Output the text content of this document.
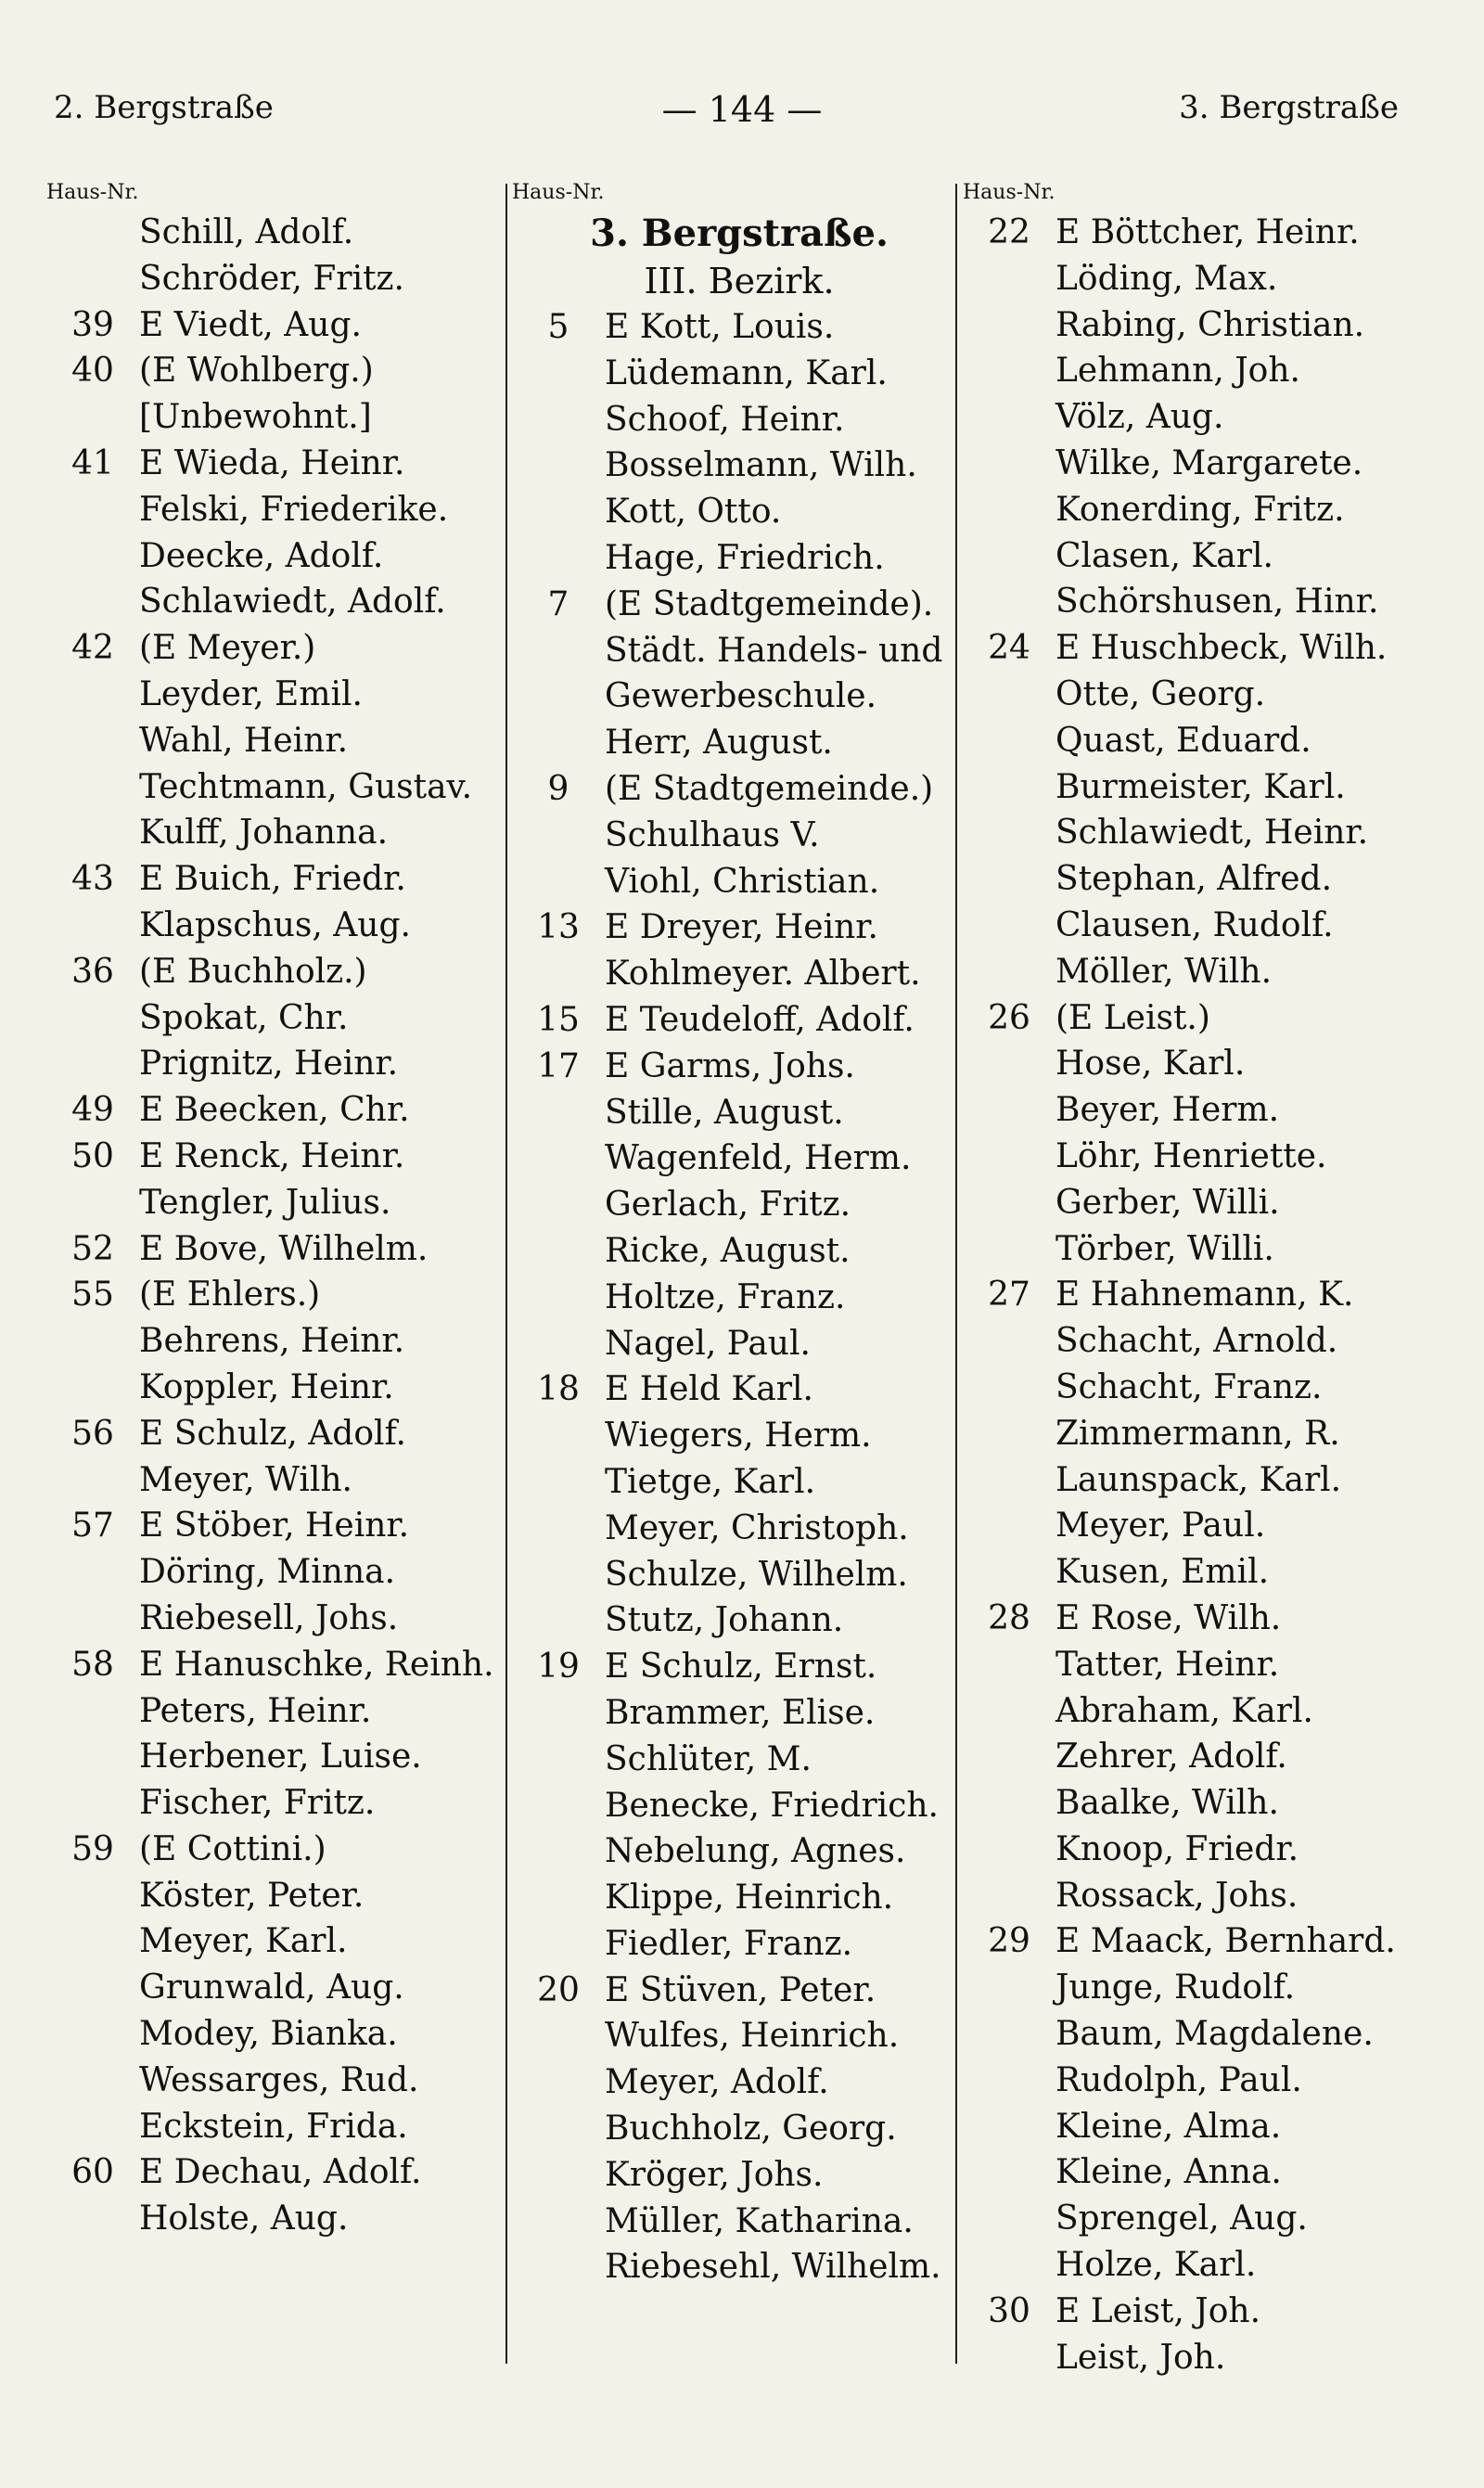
2. Bergstraße	— 144 —	3. Bergstraße
Haus-Nr.
Schill, Adolf.
Schröder, Fritz.
39 E Viedt, Aug.
40 (E Wohlberg.)
[Unbewohnt.]
41 E Wieda, Heinr.
Felski, Friederike.
Deecke, Adolf.
Schlawiedt, Adolf.
42 (E Meyer.)
Leyder, Emil.
Wahl, Heinr.
Techtmann, Gustav.
Kulff, Johanna.
43 E Buich, Friedr.
Klapschus, Aug.
36 (E Buchholz.)
Spokat, Chr.
Prignitz, Heinr.
49 E Beecken, Chr.
50 E Renck, Heinr.
Tengler, Julius.
52 E Bove, Wilhelm.
55 (E Ehlers.)
Behrens, Heinr.
Koppler, Heinr.
56 E Schulz, Adolf.
Meyer, Wilh.
57 E Stöber, Heinr.
Döring, Minna.
Riebesell, Johs.
58 E Hanuschke, Reinh.
Peters, Heinr.
Herbener, Luise.
Fischer, Fritz.
59 (E Cottini.)
Köster, Peter.
Meyer, Karl.
Grunwald, Aug.
Modey, Bianka.
Wessarges, Rud.
Eckstein, Frida.
60 E Dechau, Adolf.
Holste, Aug.
Haus-Nr.
3. Bergstraße.
III. Bezirk.
5	E Kott, Louis.
Lüdemann, Karl.
Schoof, Heinr.
Bosselmann, Wilh.
Kott, Otto.
Hage, Friedrich.
7	(E Stadtgemeinde).
Städt. Handels- und
Gewerbeschule.
Herr, August.
9	(E Stadtgemeinde.)
Schulhaus V.
Viohl, Christian.
13 E Dreyer, Heinr.
Kohlmeyer. Albert.
15 E Teudeloff, Adolf.
17 E Garms, Johs.
Stille, August.
Wagenfeld, Herm.
Gerlach, Fritz.
Ricke, August.
Holtze, Franz.
Nagel, Paul.
18 E Held Karl.
Wiegers, Herm.
Tietge, Karl.
Meyer, Christoph.
Schulze, Wilhelm.
Stutz, Johann.
19 E Schulz, Ernst.
Brammer, Elise.
Schlüter, M.
Benecke, Friedrich.
Nebelung, Agnes.
Klippe, Heinrich.
Fiedler, Franz.
20 E Stüven, Peter.
Wulfes, Heinrich.
Meyer, Adolf.
Buchholz, Georg.
Kröger, Johs.
Müller, Katharina.
Riebesehl, Wilhelm.
Haus-Nr.
22 E Böttcher, Heinr.
Löding, Max.
Rabing, Christian.
Lehmann, Joh.
Völz, Aug.
Wilke, Margarete.
Konerding, Fritz.
Clasen, Karl.
Schörshusen, Hinr.
24 E Huschbeck, Wilh.
Otte, Georg.
Quast, Eduard.
Burmeister, Karl.
Schlawiedt, Heinr.
Stephan, Alfred.
Clausen, Rudolf.
Möller, Wilh.
26 (E Leist.)
Hose, Karl.
Beyer, Herm.
Löhr, Henriette.
Gerber, Willi.
Törber, Willi.
27 E Hahnemann, K.
Schacht, Arnold.
Schacht, Franz.
Zimmermann, R.
Launspack, Karl.
Meyer, Paul.
Kusen, Emil.
28 E Rose, Wilh.
Tatter, Heinr.
Abraham, Karl.
Zehrer, Adolf.
Baalke, Wilh.
Knoop, Friedr.
Rossack, Johs.
29 E Maack, Bernhard.
Junge, Rudolf.
Baum, Magdalene.
Rudolph, Paul.
Kleine, Alma.
Kleine, Anna.
Sprengel, Aug.
Holze, Karl.
30 E Leist, Joh.
Leist, Joh.
